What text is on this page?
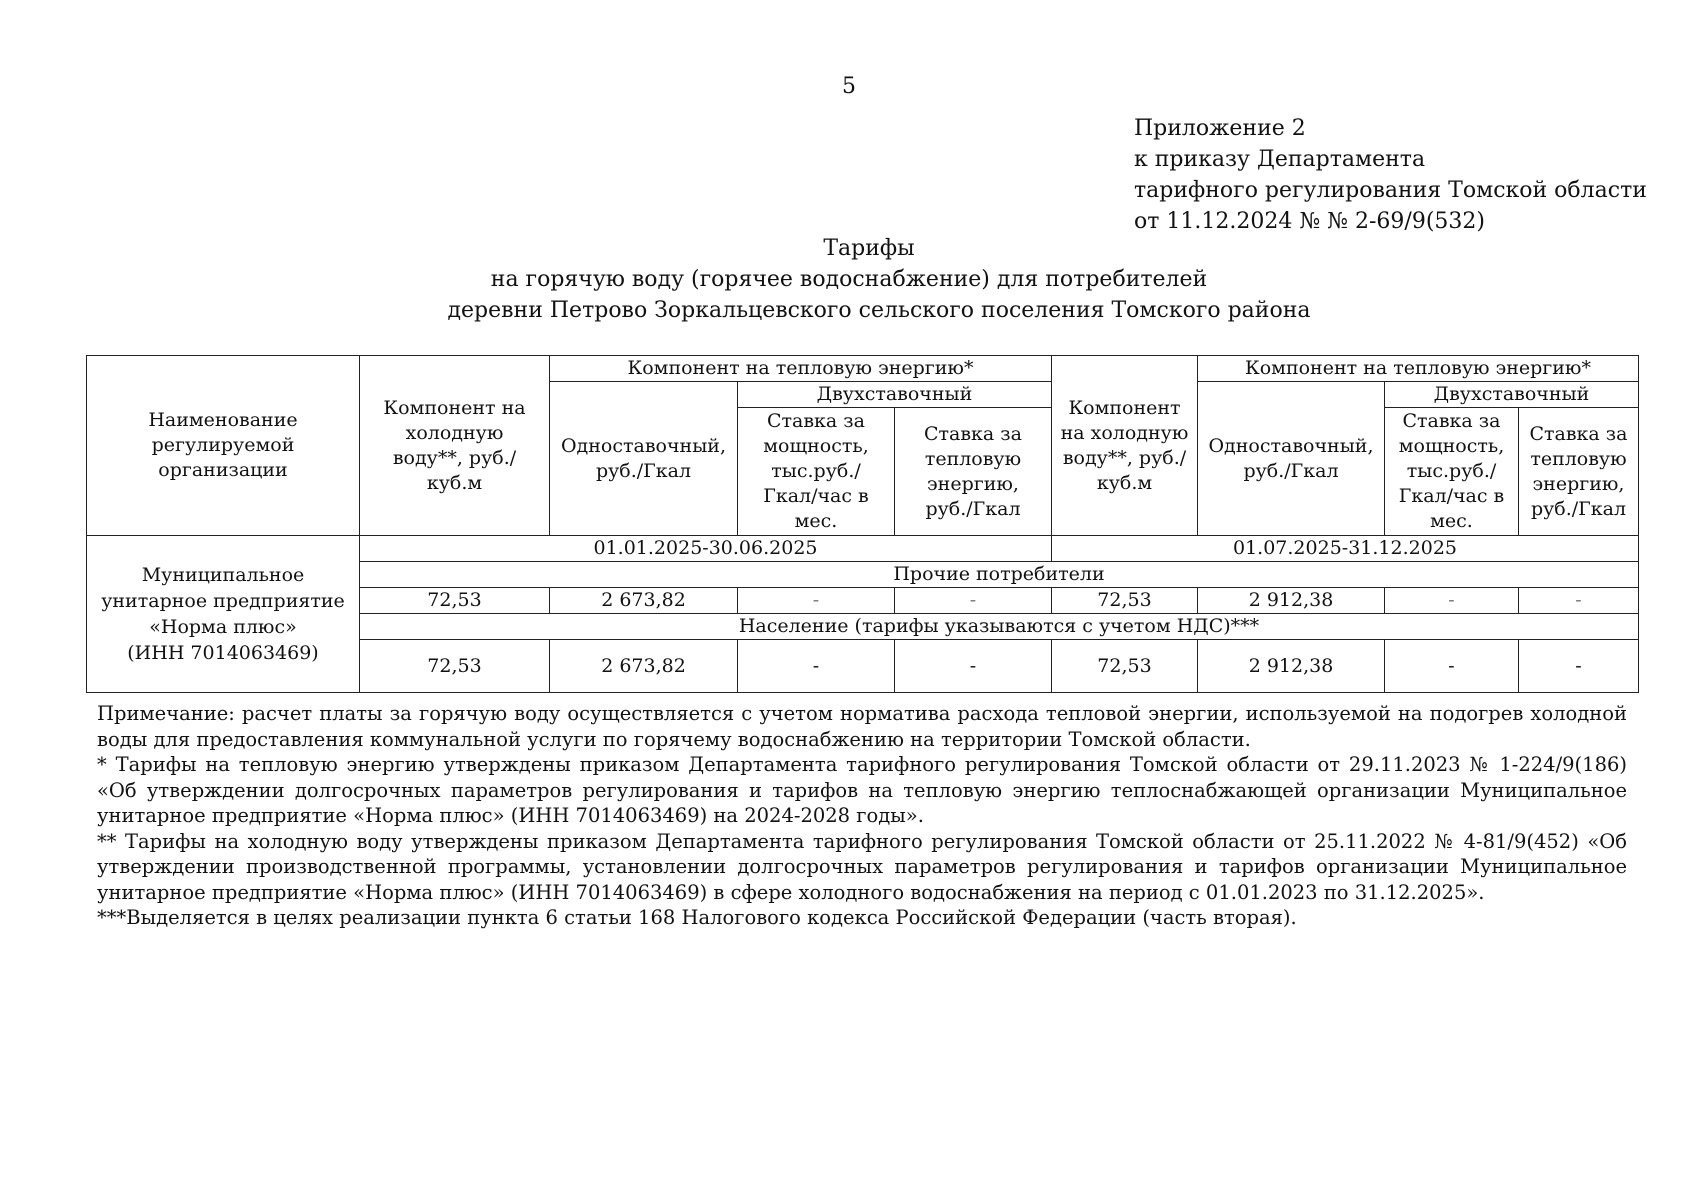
5
Приложение 2
к приказу Департамента
тарифного регулирования Томской области
от 11.12.2024 № № 2-69/9(532)
Тарифы
на горячую воду (горячее водоснабжение) для потребителей
деревни Петрово Зоркальцевского сельского поселения Томского района
Наименование регулируемой организации	Компонент на холодную воду**, руб./куб.м	Компонент на тепловую энергию*			Компонент на холодную воду**, руб./куб.м	Компонент на тепловую энергию*		
		Одноставочный, руб./Гкал	Двухставочный			Одноставочный, руб./Гкал	Двухставочный	
			Ставка за мощность, тыс.руб./ Гкал/час в мес.	Ставка за тепловую энергию, руб./Гкал			Ставка за мощность, тыс.руб./ Гкал/час в мес.	Ставка за тепловую энергию, руб./Гкал

Муниципальное
унитарное предприятие
«Норма плюс»
(ИНН 7014063469)	01.01.2025-30.06.2025				01.07.2025-31.12.2025			
	Прочие потребители							
	72,53	2 673,82	-	-	72,53	2 912,38	-	-
	Население (тарифы указываются с учетом НДС)***							
	72,53	2 673,82	-	-	72,53	2 912,38	-	-

Примечание: расчет платы за горячую воду осуществляется с учетом норматива расхода тепловой энергии, используемой на подогрев холодной воды для предоставления коммунальной услуги по горячему водоснабжению на территории Томской области.

* Тарифы на тепловую энергию утверждены приказом Департамента тарифного регулирования Томской области от 29.11.2023 № 1-224/9(186) «Об утверждении долгосрочных параметров регулирования и тарифов на тепловую энергию теплоснабжающей организации Муниципальное унитарное предприятие «Норма плюс» (ИНН 7014063469) на 2024-2028 годы».

** Тарифы на холодную воду утверждены приказом Департамента тарифного регулирования Томской области от 25.11.2022 № 4-81/9(452) «Об утверждении производственной программы, установлении долгосрочных параметров регулирования и тарифов организации Муниципальное унитарное предприятие «Норма плюс» (ИНН 7014063469) в сфере холодного водоснабжения на период с 01.01.2023 по 31.12.2025».

***Выделяется в целях реализации пункта 6 статьи 168 Налогового кодекса Российской Федерации (часть вторая).
